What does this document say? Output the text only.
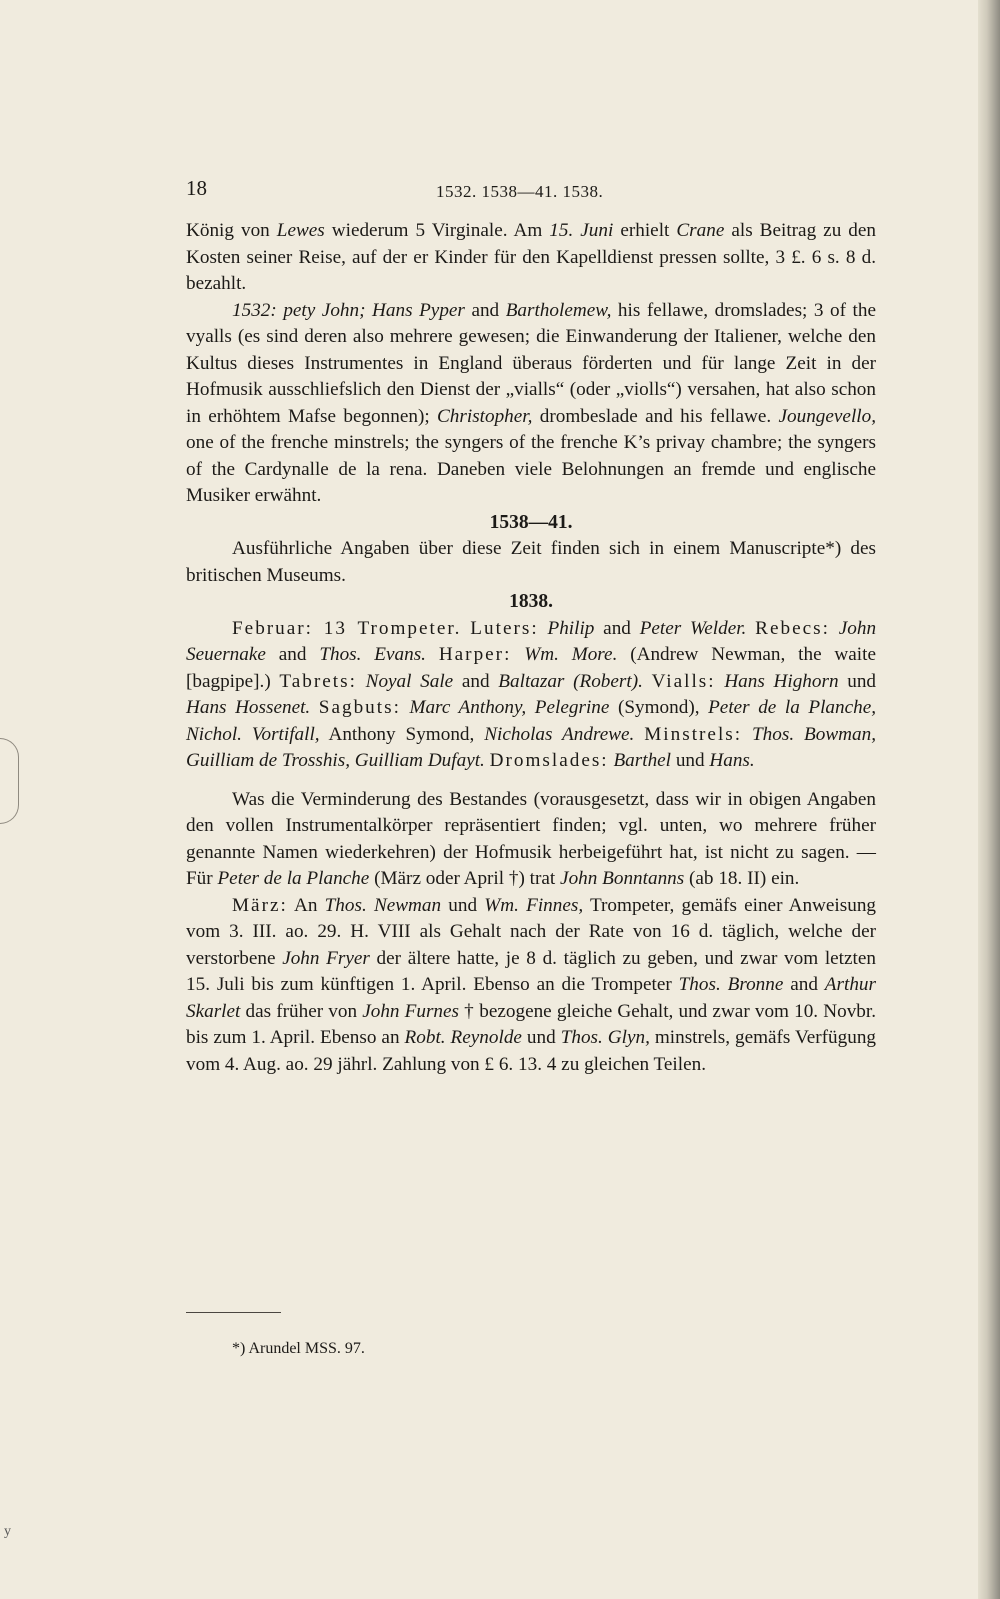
18	1532. 1538—41. 1538.

König von Lewes wiederum 5 Virginale. Am 15. Juni erhielt Crane als Beitrag zu den Kosten seiner Reise, auf der er Kinder für den Kapelldienst pressen sollte, 3 £. 6 s. 8 d. bezahlt.

1532: pety John; Hans Pyper and Bartholemew, his fellawe, dromslades; 3 of the vyalls (es sind deren also mehrere gewesen; die Einwanderung der Italiener, welche den Kultus dieses Instrumentes in England überaus förderten und für lange Zeit in der Hofmusik ausschliefslich den Dienst der „vialls“ (oder „violls“) versahen, hat also schon in erhöhtem Mafse begonnen); Christopher, drombeslade and his fellawe. Joungevello, one of the frenche minstrels; the syngers of the frenche K’s privay chambre; the syngers of the Cardynalle de la rena. Daneben viele Belohnungen an fremde und englische Musiker erwähnt.

1538—41.

Ausführliche Angaben über diese Zeit finden sich in einem Manuscripte*) des britischen Museums.

1838.

Februar: 13 Trompeter. Luters: Philip and Peter Welder. Rebecs: John Seuernake and Thos. Evans. Harper: Wm. More. (Andrew Newman, the waite [bagpipe].) Tabrets: Noyal Sale and Baltazar (Robert). Vialls: Hans Highorn und Hans Hossenet. Sagbuts: Marc Anthony, Pelegrine (Symond), Peter de la Planche, Nichol. Vortifall, Anthony Symond, Nicholas Andrewe. Minstrels: Thos. Bowman, Guilliam de Trosshis, Guilliam Dufayt. Dromslades: Barthel und Hans.

Was die Verminderung des Bestandes (vorausgesetzt, dass wir in obigen Angaben den vollen Instrumentalkörper repräsentiert finden; vgl. unten, wo mehrere früher genannte Namen wiederkehren) der Hofmusik herbeigeführt hat, ist nicht zu sagen. — Für Peter de la Planche (März oder April †) trat John Bonntanns (ab 18. II) ein.

März: An Thos. Newman und Wm. Finnes, Trompeter, gemäfs einer Anweisung vom 3. III. ao. 29. H. VIII als Gehalt nach der Rate von 16 d. täglich, welche der verstorbene John Fryer der ältere hatte, je 8 d. täglich zu geben, und zwar vom letzten 15. Juli bis zum künftigen 1. April. Ebenso an die Trompeter Thos. Bronne and Arthur Skarlet das früher von John Furnes † bezogene gleiche Gehalt, und zwar vom 10. Novbr. bis zum 1. April. Ebenso an Robt. Reynolde und Thos. Glyn, minstrels, gemäfs Verfügung vom 4. Aug. ao. 29 jährl. Zahlung von £ 6. 13. 4 zu gleichen Teilen.

*) Arundel MSS. 97.
y
